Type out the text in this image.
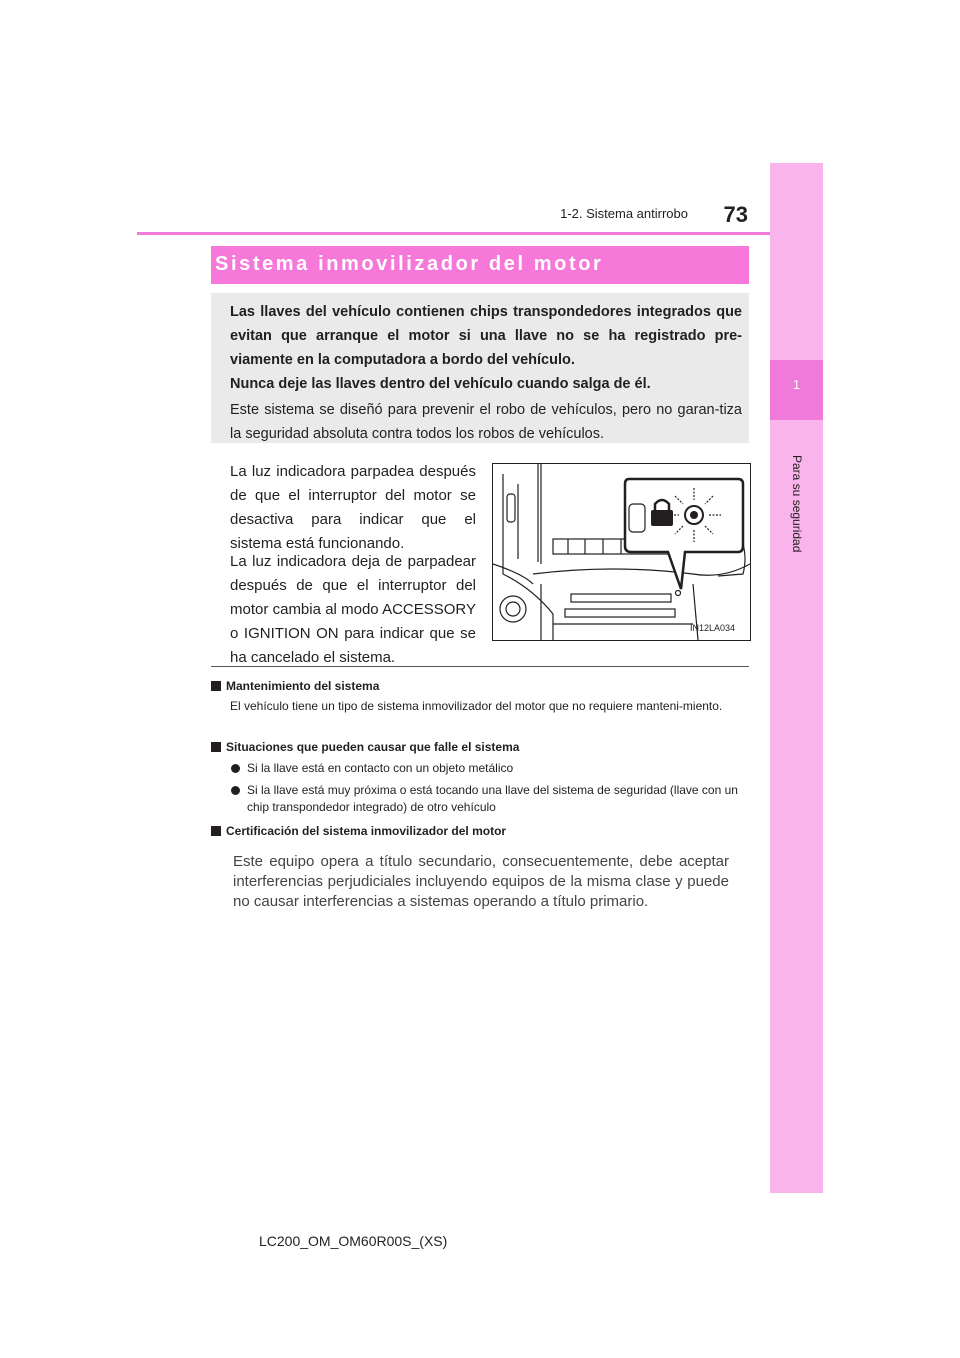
1-2. Sistema antirrobo	73
1
Para su seguridad
Sistema inmovilizador del motor
Las llaves del vehículo contienen chips transpondedores integrados que evitan que arranque el motor si una llave no se ha registrado pre-viamente en la computadora a bordo del vehículo.
Nunca deje las llaves dentro del vehículo cuando salga de él.
Este sistema se diseñó para prevenir el robo de vehículos, pero no garan-tiza la seguridad absoluta contra todos los robos de vehículos.
La luz indicadora parpadea después de que el interruptor del motor se desactiva para indicar que el sistema está funcionando.
La luz indicadora deja de parpadear después de que el interruptor del motor cambia al modo ACCESSORY o IGNITION ON para indicar que se ha cancelado el sistema.
IN12LA034
Mantenimiento del sistema
El vehículo tiene un tipo de sistema inmovilizador del motor que no requiere manteni-miento.
Situaciones que pueden causar que falle el sistema
Si la llave está en contacto con un objeto metálico
Si la llave está muy próxima o está tocando una llave del sistema de seguridad (llave con un chip transpondedor integrado) de otro vehículo
Certificación del sistema inmovilizador del motor
Este equipo opera a título secundario, consecuentemente, debe aceptar interferencias perjudiciales incluyendo equipos de la misma clase y puede no causar interferencias a sistemas operando a título primario.
LC200_OM_OM60R00S_(XS)
